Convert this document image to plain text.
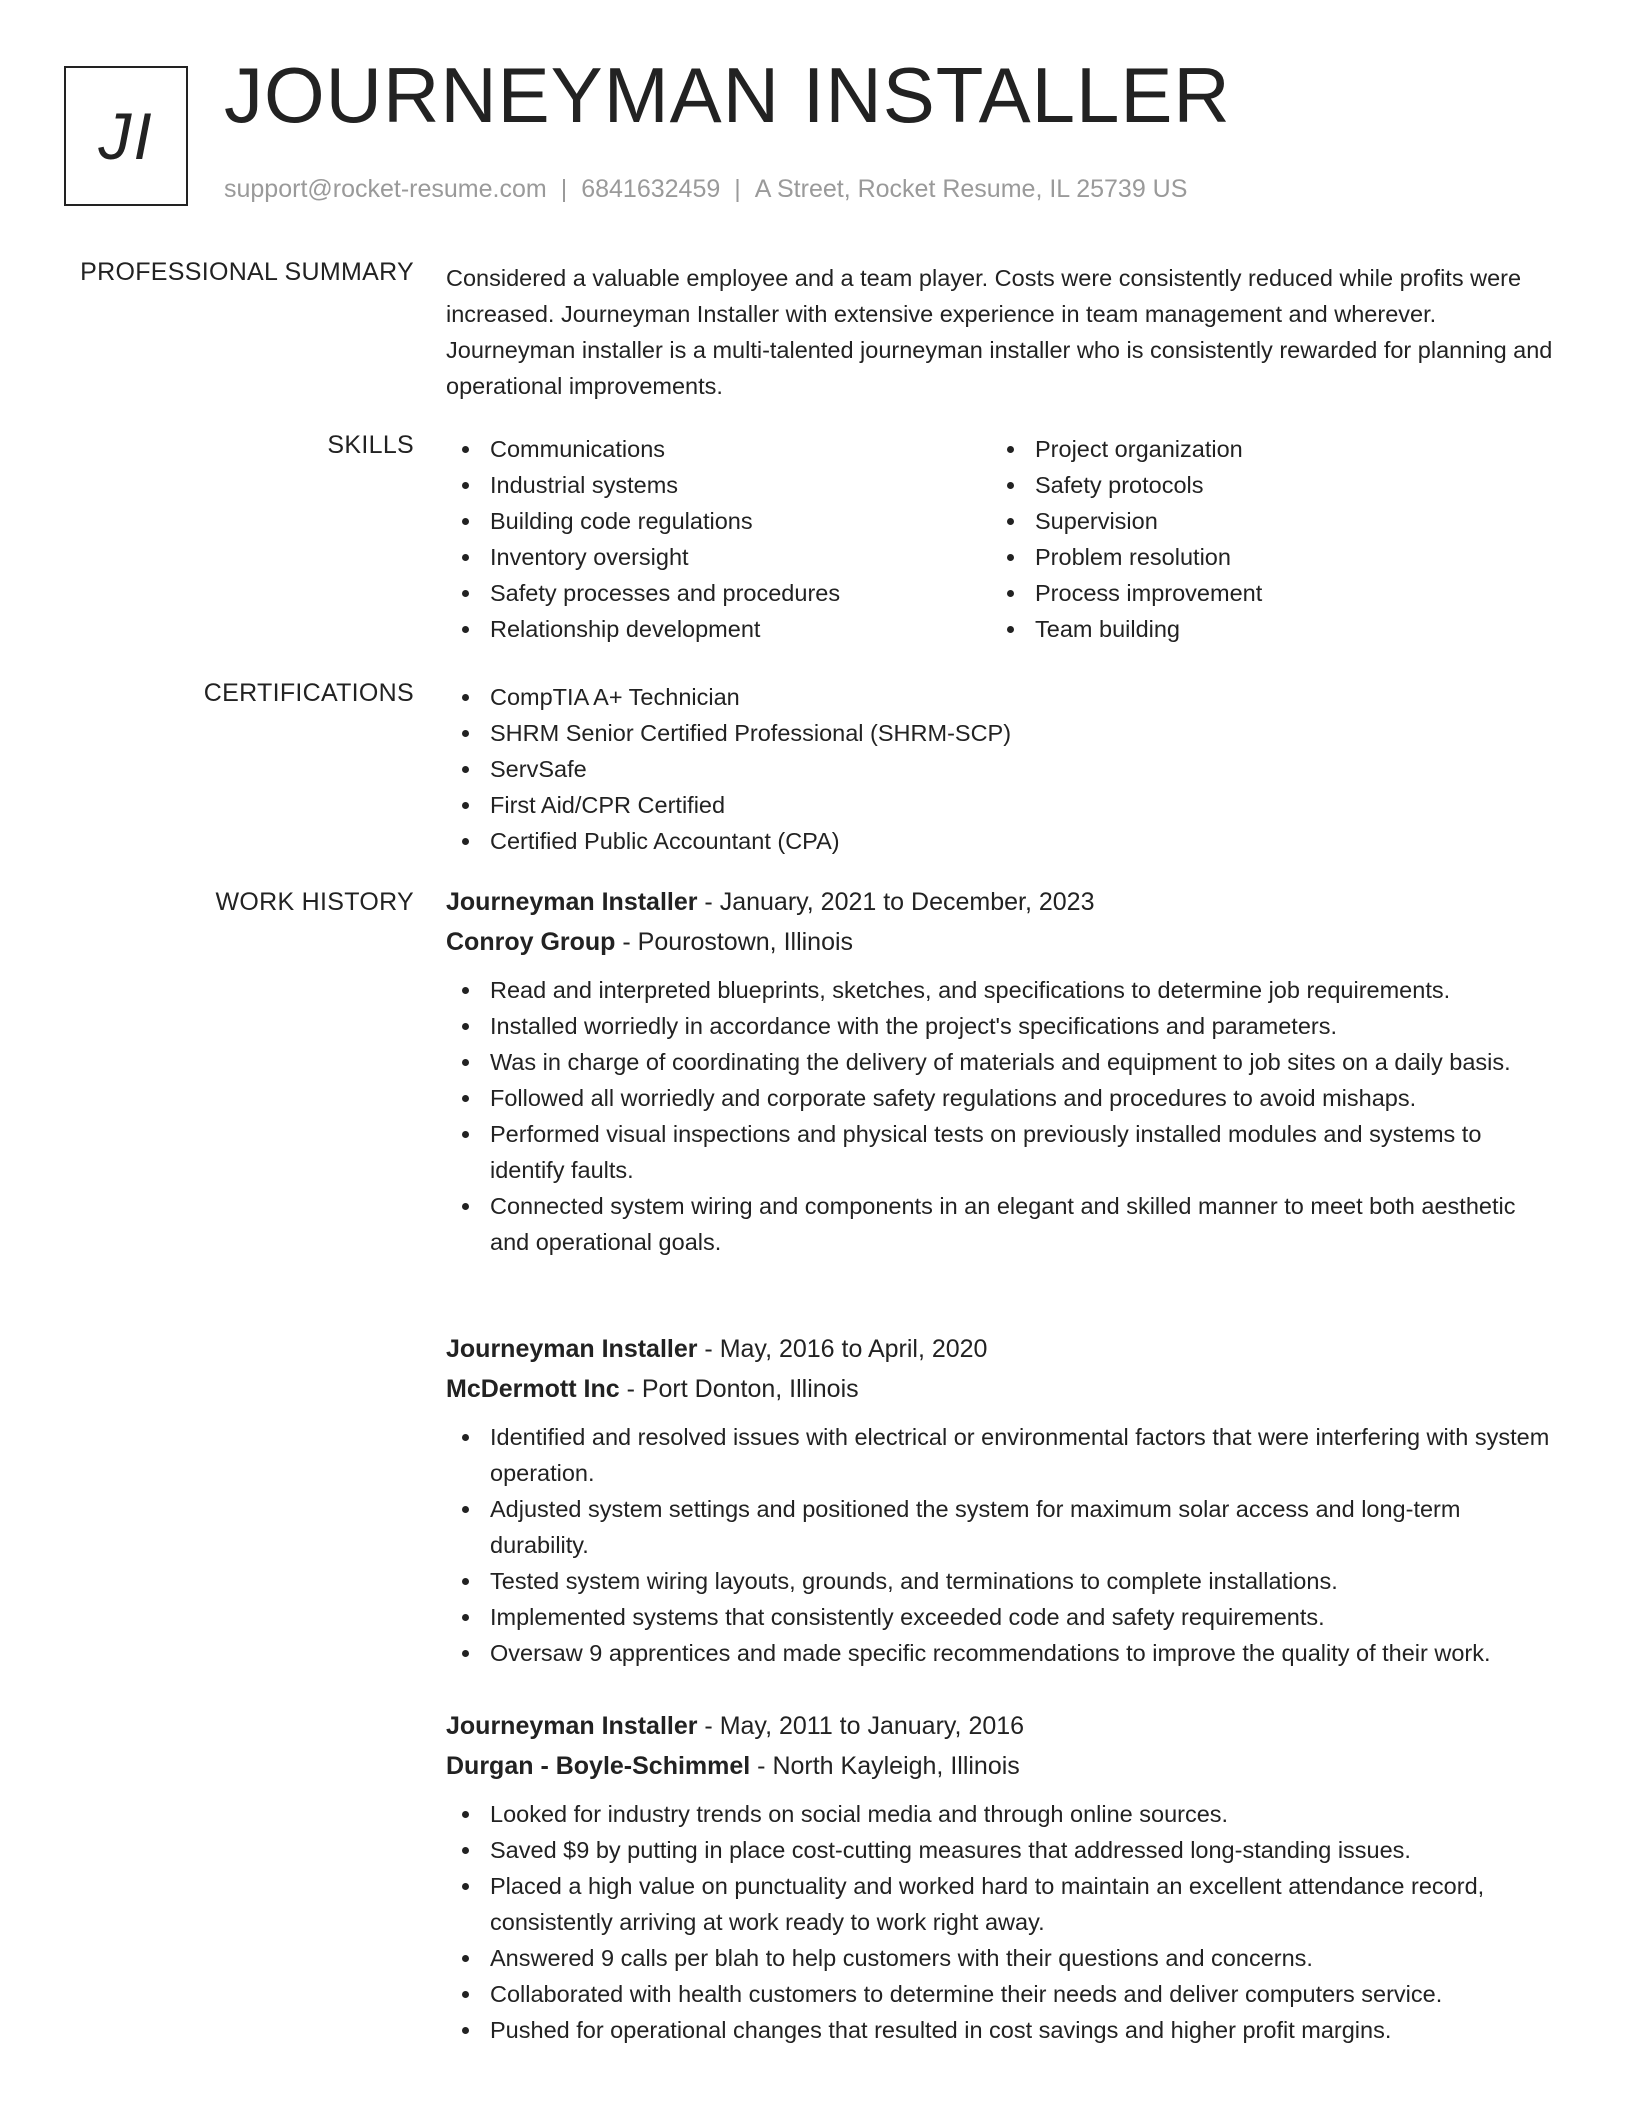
JI JOURNEYMAN INSTALLER
support@rocket-resume.com | 6841632459 | A Street, Rocket Resume, IL 25739 US
PROFESSIONAL SUMMARY Considered a valuable employee and a team player. Costs were consistently reduced while profits were increased. Journeyman Installer with extensive experience in team management and wherever. Journeyman installer is a multi-talented journeyman installer who is consistently rewarded for planning and operational improvements.

SKILLS	Communications
Industrial systems
Building code regulations
Inventory oversight
Safety processes and procedures
Relationship development
Project organization
Safety protocols
Supervision
Problem resolution
Process improvement
Team building
CERTIFICATIONS	CompTIA A+ Technician
SHRM Senior Certified Professional (SHRM-SCP)
ServSafe
First Aid/CPR Certified
Certified Public Accountant (CPA)
WORK HISTORY Journeyman Installer - January, 2021 to December, 2023
Conroy Group - Pourostown, Illinois
Read and interpreted blueprints, sketches, and specifications to determine job requirements.
Installed worriedly in accordance with the project's specifications and parameters.
Was in charge of coordinating the delivery of materials and equipment to job sites on a daily basis.
Followed all worriedly and corporate safety regulations and procedures to avoid mishaps.
Performed visual inspections and physical tests on previously installed modules and systems to identify faults.
Connected system wiring and components in an elegant and skilled manner to meet both aesthetic and operational goals.
Journeyman Installer - May, 2016 to April, 2020
McDermott Inc - Port Donton, Illinois
Identified and resolved issues with electrical or environmental factors that were interfering with system operation.
Adjusted system settings and positioned the system for maximum solar access and long-term durability.
Tested system wiring layouts, grounds, and terminations to complete installations.
Implemented systems that consistently exceeded code and safety requirements.
Oversaw 9 apprentices and made specific recommendations to improve the quality of their work.
Journeyman Installer - May, 2011 to January, 2016
Durgan - Boyle-Schimmel - North Kayleigh, Illinois
Looked for industry trends on social media and through online sources.
Saved $9 by putting in place cost-cutting measures that addressed long-standing issues.
Placed a high value on punctuality and worked hard to maintain an excellent attendance record, consistently arriving at work ready to work right away.
Answered 9 calls per blah to help customers with their questions and concerns.
Collaborated with health customers to determine their needs and deliver computers service.
Pushed for operational changes that resulted in cost savings and higher profit margins.
